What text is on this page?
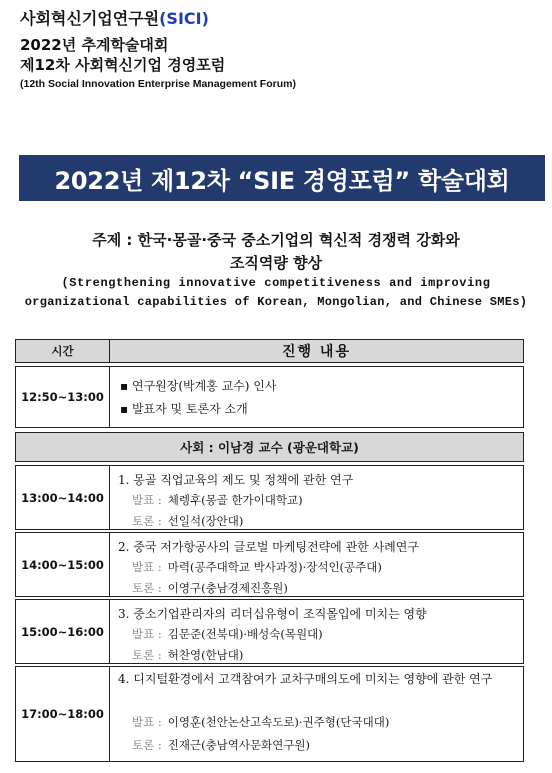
사회혁신기업연구원(SICI)
2022년 추계학술대회
제12차 사회혁신기업 경영포럼
(12th Social Innovation Enterprise Management Forum)
2022년 제12차 “SIE 경영포럼” 학술대회
주제 : 한국·몽골·중국 중소기업의 혁신적 경쟁력 강화와
조직역량 향상
(Strengthening innovative competitiveness and improving
organizational capabilities of Korean, Mongolian, and Chinese SMEs)
시간	진행 내용
12:50∼13:00
▪ 연구원장(박계홍 교수) 인사
▪ 발표자 및 토론자 소개
사회 : 이남경 교수 (광운대학교)
13:00∼14:00
1. 몽골 직업교육의 제도 및 정책에 관한 연구
발표 : 체렝후(몽골 한가이대학교)
토론 : 선일석(장안대)
14:00∼15:00
2. 중국 저가항공사의 글로벌 마케팅전략에 관한 사례연구
발표 : 마력(공주대학교 박사과정)·장석인(공주대)
토론 : 이영구(충남경제진흥원)
15:00∼16:00
3. 중소기업관리자의 리더십유형이 조직몰입에 미치는 영향
발표 : 김문준(전북대)·배성숙(목원대)
토론 : 허찬영(한남대)
17:00∼18:00
4. 디지털환경에서 고객참여가 교차구매의도에 미치는 영향에 관한 연구
발표 : 이영훈(천안논산고속도로)·권주형(단국대대)
토론 : 진재근(충남역사문화연구원)
